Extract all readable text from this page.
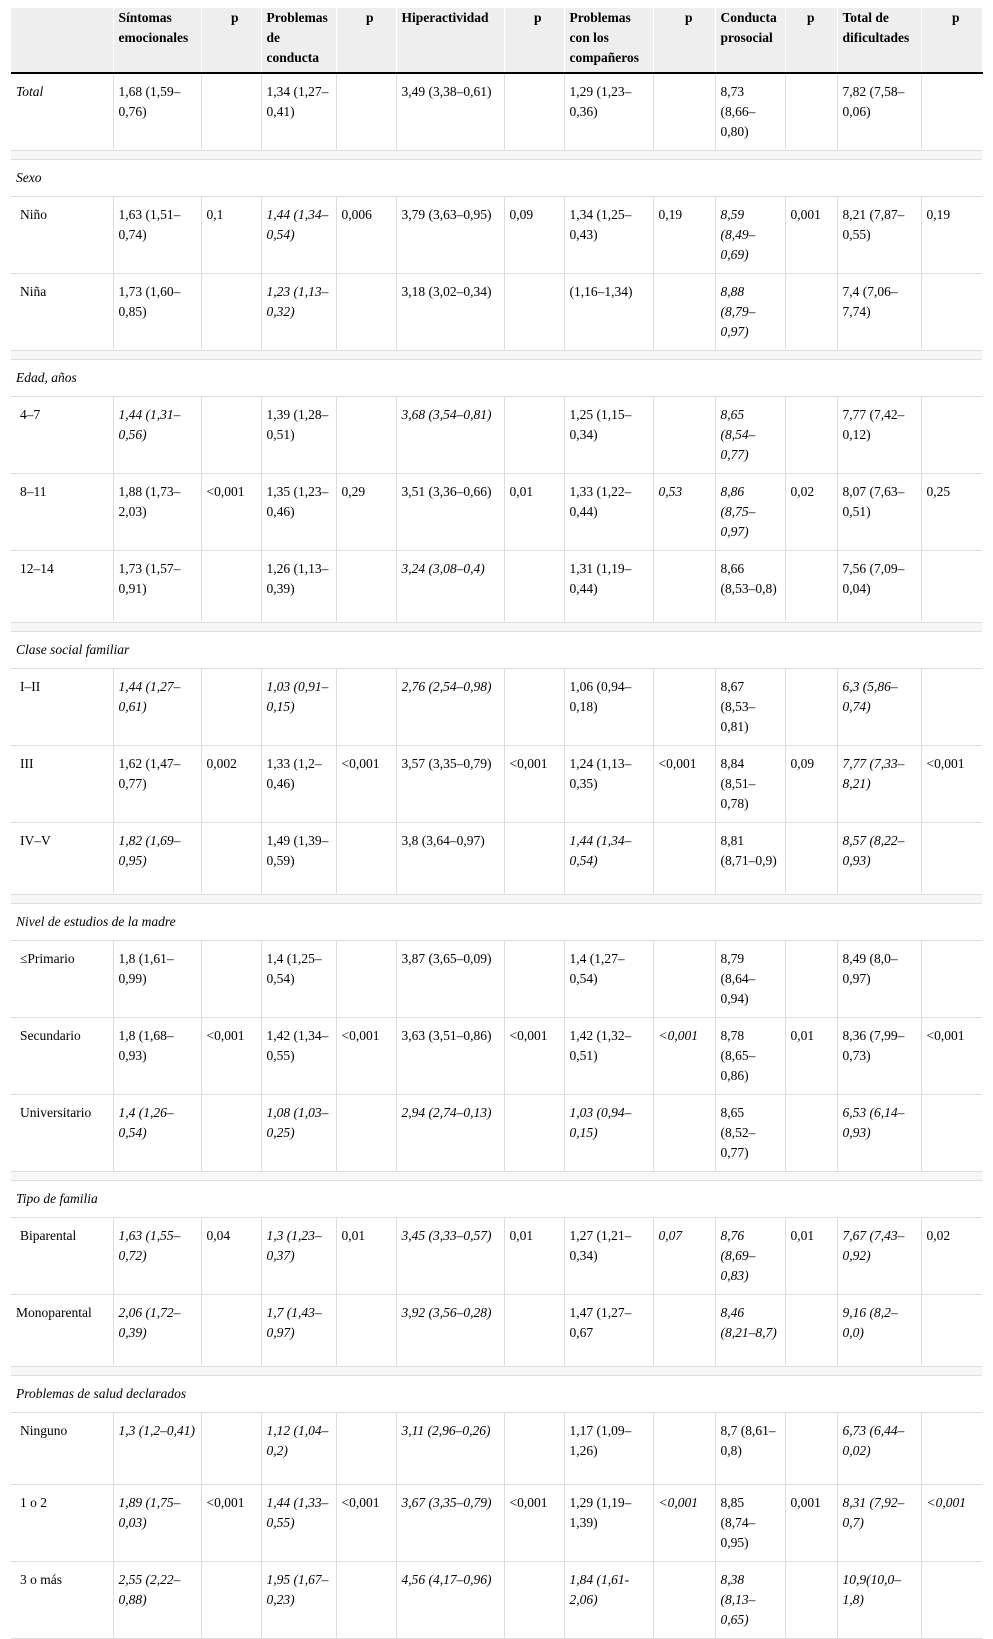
	Síntomas emocionales	p	Problemas de conducta	p	Hiperactividad	p	Problemas con los compañeros	p	Conducta prosocial	p	Total de dificultades	p
Total	1,68 (1,59–0,76)		1,34 (1,27–0,41)		3,49 (3,38–0,61)		1,29 (1,23–0,36)		8,73 (8,66–0,80)		7,82 (7,58–0,06)	

Sexo												
Niño	1,63 (1,51–0,74)	0,1	1,44 (1,34–0,54)	0,006	3,79 (3,63–0,95)	0,09	1,34 (1,25–0,43)	0,19	8,59 (8,49–0,69)	0,001	8,21 (7,87–0,55)	0,19
Niña	1,73 (1,60–0,85)		1,23 (1,13–0,32)		3,18 (3,02–0,34)		(1,16–1,34)		8,88 (8,79–0,97)		7,4 (7,06–7,74)	

Edad, años												
4–7	1,44 (1,31–0,56)		1,39 (1,28–0,51)		3,68 (3,54–0,81)		1,25 (1,15–0,34)		8,65 (8,54–0,77)		7,77 (7,42–0,12)	
8–11	1,88 (1,73–2,03)	<0,001	1,35 (1,23–0,46)	0,29	3,51 (3,36–0,66)	0,01	1,33 (1,22–0,44)	0,53	8,86 (8,75–0,97)	0,02	8,07 (7,63–0,51)	0,25
12–14	1,73 (1,57–0,91)		1,26 (1,13–0,39)		3,24 (3,08–0,4)		1,31 (1,19–0,44)		8,66 (8,53–0,8)		7,56 (7,09–0,04)	

Clase social familiar												
I–II	1,44 (1,27–0,61)		1,03 (0,91–0,15)		2,76 (2,54–0,98)		1,06 (0,94–0,18)		8,67 (8,53–0,81)		6,3 (5,86–0,74)	
III	1,62 (1,47–0,77)	0,002	1,33 (1,2–0,46)	<0,001	3,57 (3,35–0,79)	<0,001	1,24 (1,13–0,35)	<0,001	8,84 (8,51–0,78)	0,09	7,77 (7,33–8,21)	<0,001
IV–V	1,82 (1,69–0,95)		1,49 (1,39–0,59)		3,8 (3,64–0,97)		1,44 (1,34–0,54)		8,81 (8,71–0,9)		8,57 (8,22–0,93)	

Nivel de estudios de la madre												
≤Primario	1,8 (1,61–0,99)		1,4 (1,25–0,54)		3,87 (3,65–0,09)		1,4 (1,27–0,54)		8,79 (8,64–0,94)		8,49 (8,0–0,97)	
Secundario	1,8 (1,68–0,93)	<0,001	1,42 (1,34–0,55)	<0,001	3,63 (3,51–0,86)	<0,001	1,42 (1,32–0,51)	<0,001	8,78 (8,65–0,86)	0,01	8,36 (7,99–0,73)	<0,001
Universitario	1,4 (1,26–0,54)		1,08 (1,03–0,25)		2,94 (2,74–0,13)		1,03 (0,94–0,15)		8,65 (8,52–0,77)		6,53 (6,14–0,93)	

Tipo de familia												
Biparental	1,63 (1,55–0,72)	0,04	1,3 (1,23–0,37)	0,01	3,45 (3,33–0,57)	0,01	1,27 (1,21–0,34)	0,07	8,76 (8,69–0,83)	0,01	7,67 (7,43–0,92)	0,02
Monoparental	2,06 (1,72–0,39)		1,7 (1,43–0,97)		3,92 (3,56–0,28)		1,47 (1,27–0,67		8,46 (8,21–8,7)		9,16 (8,2–0,0)	

Problemas de salud declarados												
Ninguno	1,3 (1,2–0,41)		1,12 (1,04–0,2)		3,11 (2,96–0,26)		1,17 (1,09–1,26)		8,7 (8,61–0,8)		6,73 (6,44–0,02)	
1 o 2	1,89 (1,75–0,03)	<0,001	1,44 (1,33–0,55)	<0,001	3,67 (3,35–0,79)	<0,001	1,29 (1,19–1,39)	<0,001	8,85 (8,74–0,95)	0,001	8,31 (7,92–0,7)	<0,001
3 o más	2,55 (2,22–0,88)		1,95 (1,67–0,23)		4,56 (4,17–0,96)		1,84 (1,61-2,06)		8,38 (8,13–0,65)		10,9(10,0–1,8)	
